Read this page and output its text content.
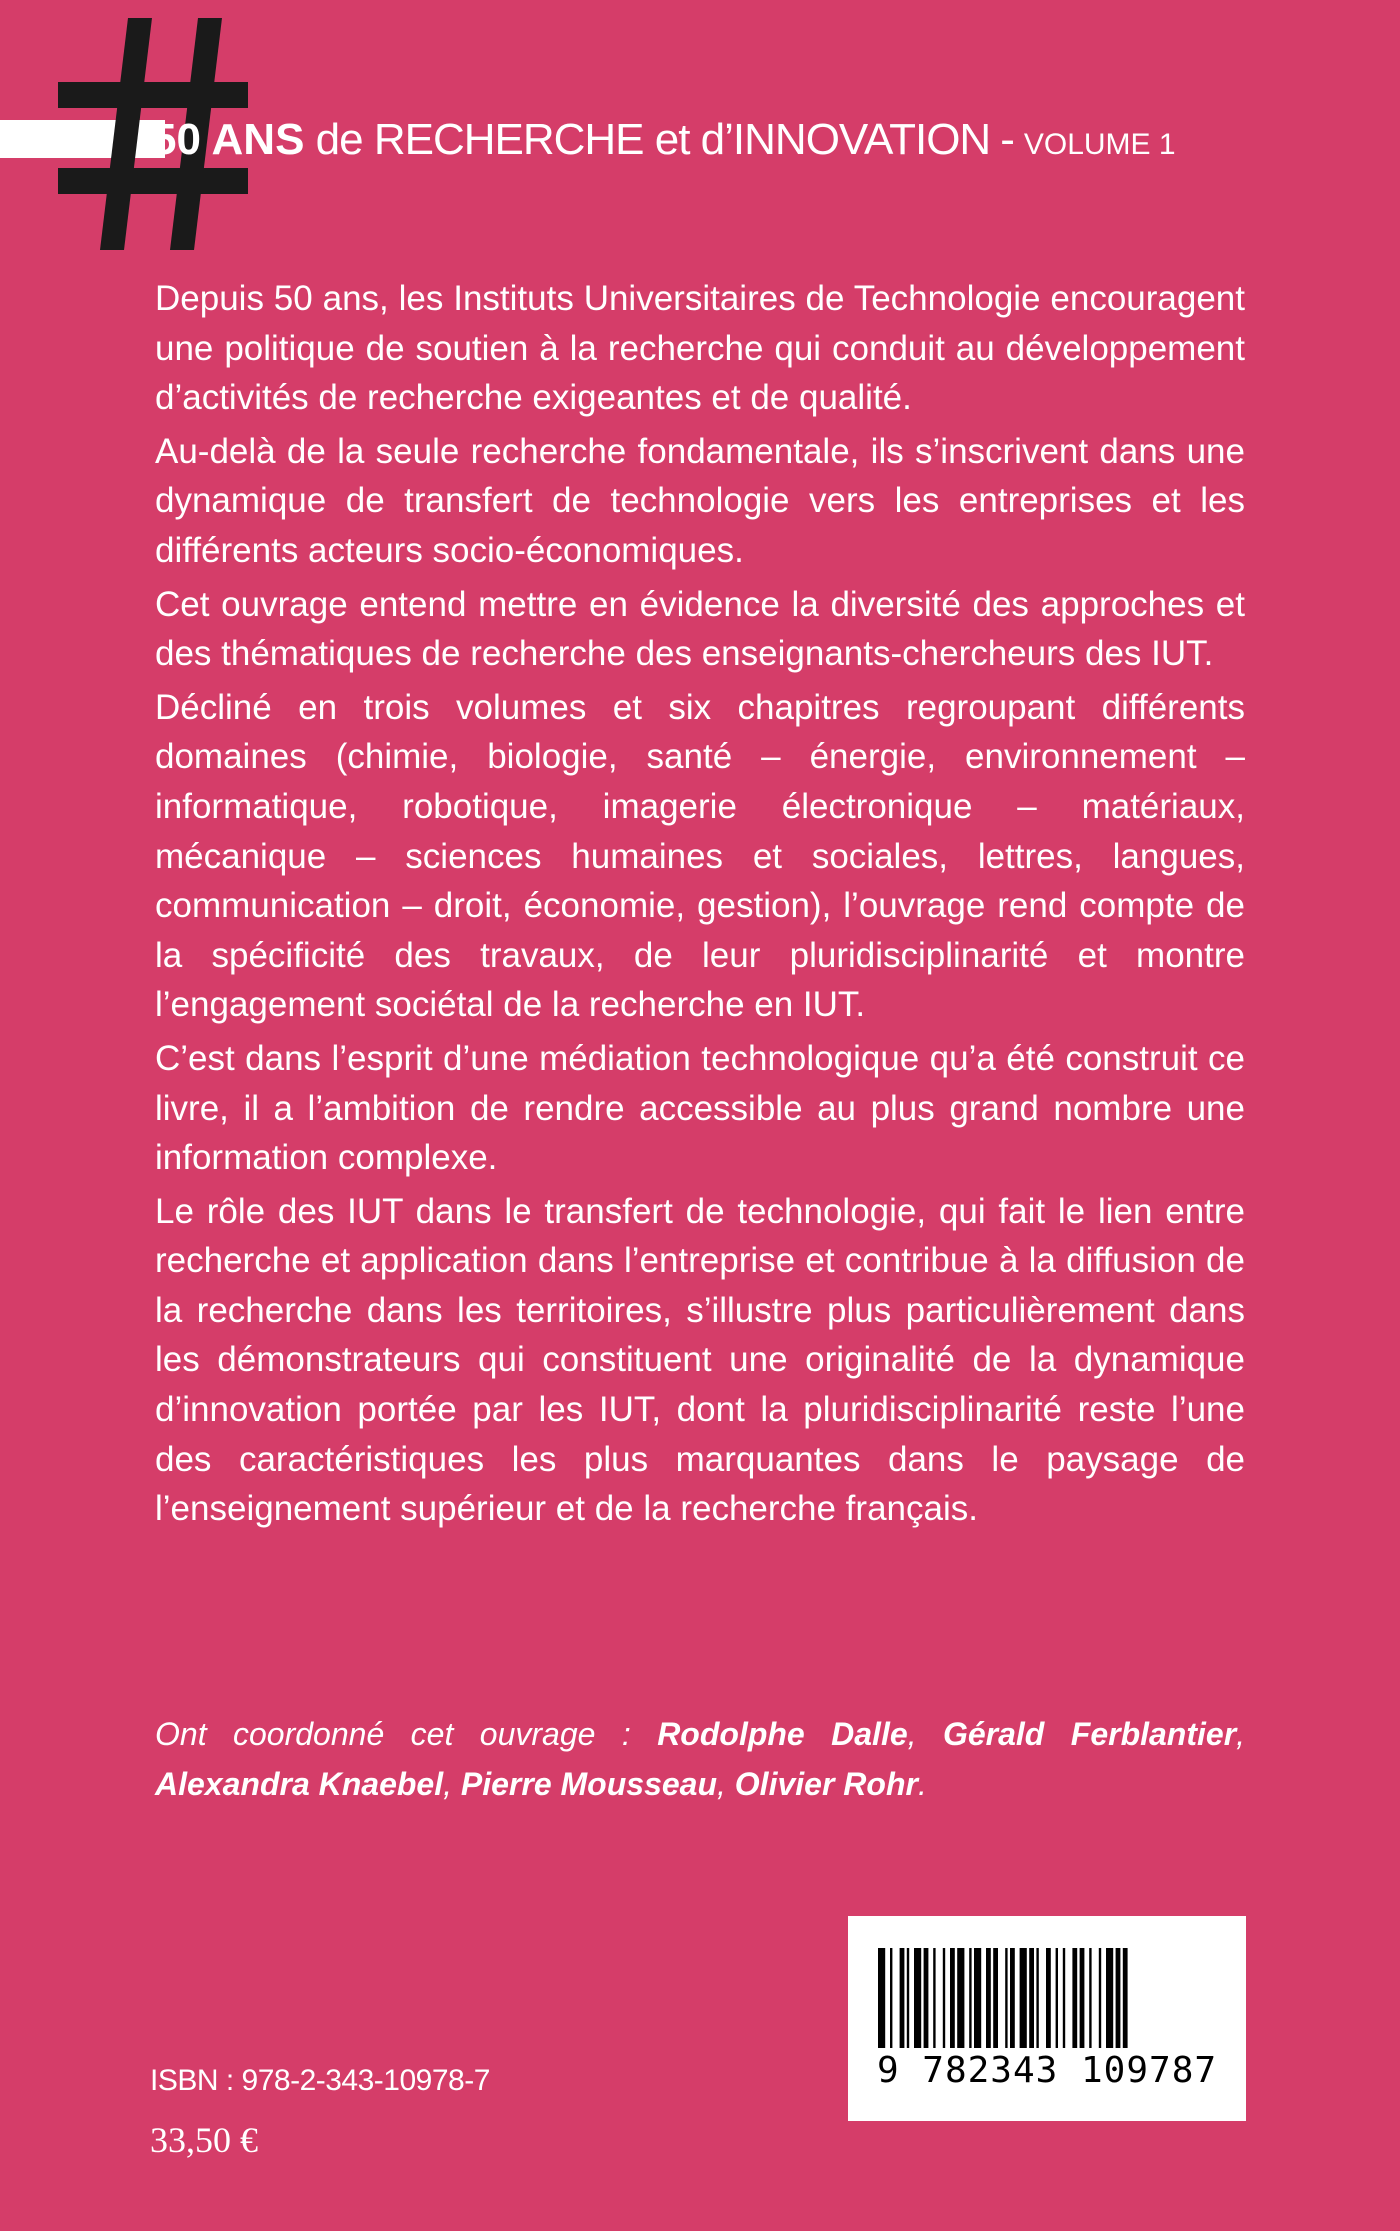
50 ANS de RECHERCHE et d’INNOVATION - VOLUME 1

Depuis 50 ans, les Instituts Universitaires de Technologie encouragent une politique de soutien à la recherche qui conduit au développement d’activités de recherche exigeantes et de qualité.

Au-delà de la seule recherche fondamentale, ils s’inscrivent dans une dynamique de transfert de technologie vers les entreprises et les différents acteurs socio-économiques.

Cet ouvrage entend mettre en évidence la diversité des approches et des thématiques de recherche des enseignants-chercheurs des IUT.

Décliné en trois volumes et six chapitres regroupant différents domaines (chimie, biologie, santé – énergie, environnement – informatique, robotique, imagerie électronique – matériaux, mécanique – sciences humaines et sociales, lettres, langues, communication – droit, économie, gestion), l’ouvrage rend compte de la spécificité des travaux, de leur pluridisciplinarité et montre l’engagement sociétal de la recherche en IUT.

C’est dans l’esprit d’une médiation technologique qu’a été construit ce livre, il a l’ambition de rendre accessible au plus grand nombre une information complexe.

Le rôle des IUT dans le transfert de technologie, qui fait le lien entre recherche et application dans l’entreprise et contribue à la diffusion de la recherche dans les territoires, s’illustre plus particulièrement dans les démonstrateurs qui constituent une originalité de la dynamique d’innovation portée par les IUT, dont la pluridisciplinarité reste l’une des caractéristiques les plus marquantes dans le paysage de l’enseignement supérieur et de la recherche français.

Ont coordonné cet ouvrage : Rodolphe Dalle, Gérald Ferblantier, Alexandra Knaebel, Pierre Mousseau, Olivier Rohr.
ISBN : 978-2-343-10978-7
33,50 €
9 782343 109787
